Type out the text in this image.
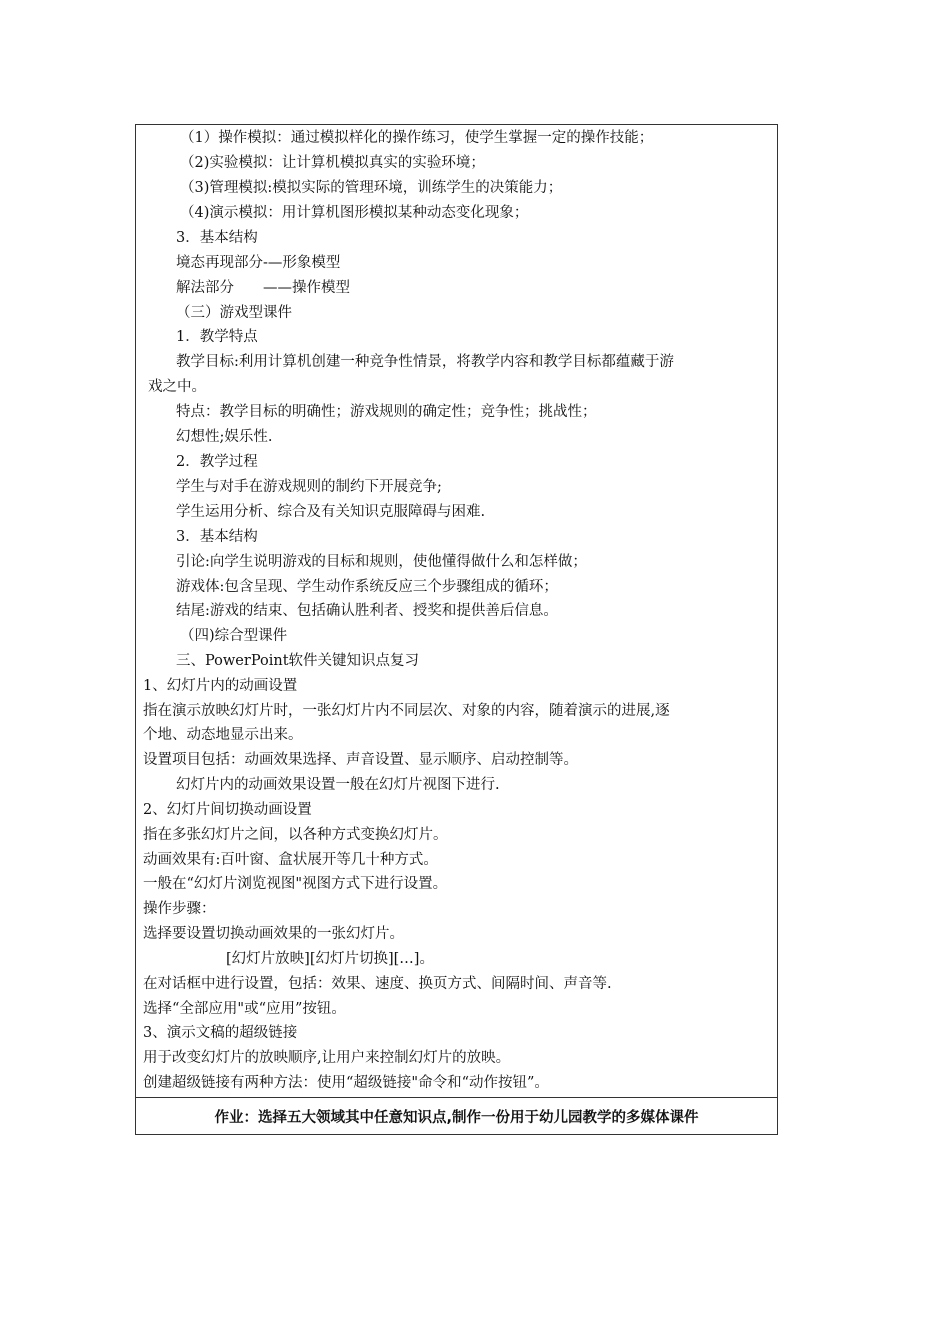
（1）操作模拟：通过模拟样化的操作练习，使学生掌握一定的操作技能；
（2)实验模拟：让计算机模拟真实的实验环境；
（3)管理模拟:模拟实际的管理环境，训练学生的决策能力；
（4)演示模拟：用计算机图形模拟某种动态变化现象；
3．基本结构
境态再现部分-—形象模型
解法部分　　——操作模型
（三）游戏型课件
1．教学特点
教学目标:利用计算机创建一种竞争性情景，将教学内容和教学目标都蕴藏于游
戏之中。
特点：教学目标的明确性；游戏规则的确定性；竞争性；挑战性；
幻想性;娱乐性.
2．教学过程
学生与对手在游戏规则的制约下开展竞争;
学生运用分析、综合及有关知识克服障碍与困难.
3．基本结构
引论:向学生说明游戏的目标和规则，使他懂得做什么和怎样做；
游戏体:包含呈现、学生动作系统反应三个步骤组成的循环；
结尾:游戏的结束、包括确认胜利者、授奖和提供善后信息。
（四)综合型课件
三、PowerPoint软件关键知识点复习
1、幻灯片内的动画设置
指在演示放映幻灯片时，一张幻灯片内不同层次、对象的内容，随着演示的进展,逐
个地、动态地显示出来。
设置项目包括：动画效果选择、声音设置、显示顺序、启动控制等。
幻灯片内的动画效果设置一般在幻灯片视图下进行.
2、幻灯片间切换动画设置
指在多张幻灯片之间，以各种方式变换幻灯片。
动画效果有:百叶窗、盒状展开等几十种方式。
一般在“幻灯片浏览视图"视图方式下进行设置。
操作步骤：
选择要设置切换动画效果的一张幻灯片。
[幻灯片放映][幻灯片切换][…]。
在对话框中进行设置，包括：效果、速度、换页方式、间隔时间、声音等.
选择“全部应用"或“应用”按钮。
3、演示文稿的超级链接
用于改变幻灯片的放映顺序,让用户来控制幻灯片的放映。
创建超级链接有两种方法：使用“超级链接"命令和“动作按钮”。
作业：选择五大领域其中任意知识点,制作一份用于幼儿园教学的多媒体课件
